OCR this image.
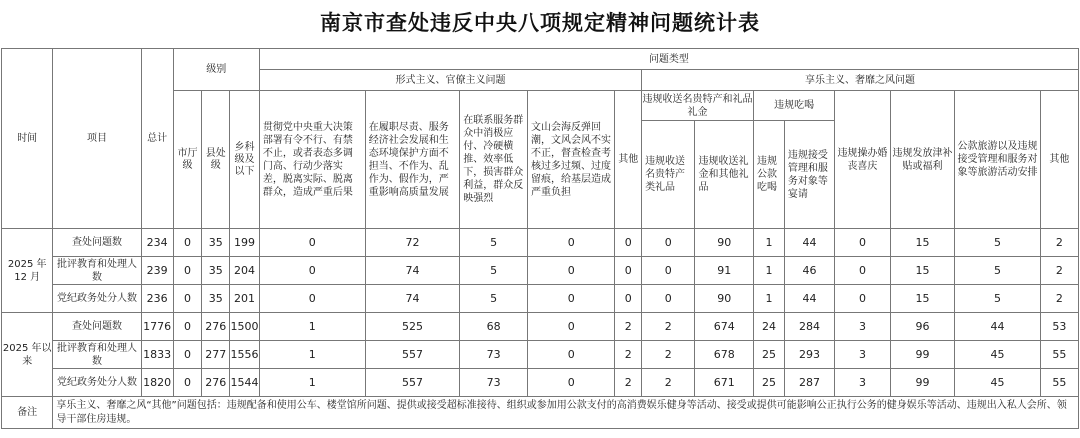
南京市查处违反中央八项规定精神问题统计表
时间	项目	总计	级别			问题类型												
						形式主义、官僚主义问题					享乐主义、奢靡之风问题							
			市厅级	县处级	乡科级及以下	贯彻党中央重大决策部署有令不行、有禁不止，或者表态多调门高、行动少落实差，脱离实际、脱离群众，造成严重后果	在履职尽责、服务经济社会发展和生态环境保护方面不担当、不作为、乱作为、假作为，严重影响高质量发展	在联系服务群众中消极应付、冷硬横推、效率低下，损害群众利益，群众反映强烈	文山会海反弹回潮，文风会风不实不正，督查检查考核过多过频、过度留痕，给基层造成严重负担	其他	违规收送名贵特产和礼品礼金		违规吃喝		违规操办婚丧喜庆	违规发放津补贴或福利	公款旅游以及违规接受管理和服务对象等旅游活动安排	其他
											违规收送名贵特产类礼品	违规收送礼金和其他礼品	违规公款吃喝	违规接受管理和服务对象等宴请				

2025 年12 月	查处问题数	234	0	35	199	0	72	5	0	0	0	90	1	44	0	15	5	2
	批评教育和处理人数	239	0	35	204	0	74	5	0	0	0	91	1	46	0	15	5	2
	党纪政务处分人数	236	0	35	201	0	74	5	0	0	0	90	1	44	0	15	5	2
2025 年以来	查处问题数	1776	0	276	1500	1	525	68	0	2	2	674	24	284	3	96	44	53
	批评教育和处理人数	1833	0	277	1556	1	557	73	0	2	2	678	25	293	3	99	45	55
	党纪政务处分人数	1820	0	276	1544	1	557	73	0	2	2	671	25	287	3	99	45	55
备注	享乐主义、奢靡之风“其他”问题包括：违规配备和使用公车、楼堂馆所问题、提供或接受超标准接待、组织或参加用公款支付的高消费娱乐健身等活动、接受或提供可能影响公正执行公务的健身娱乐等活动、违规出入私人会所、领导干部住房违规。																	
